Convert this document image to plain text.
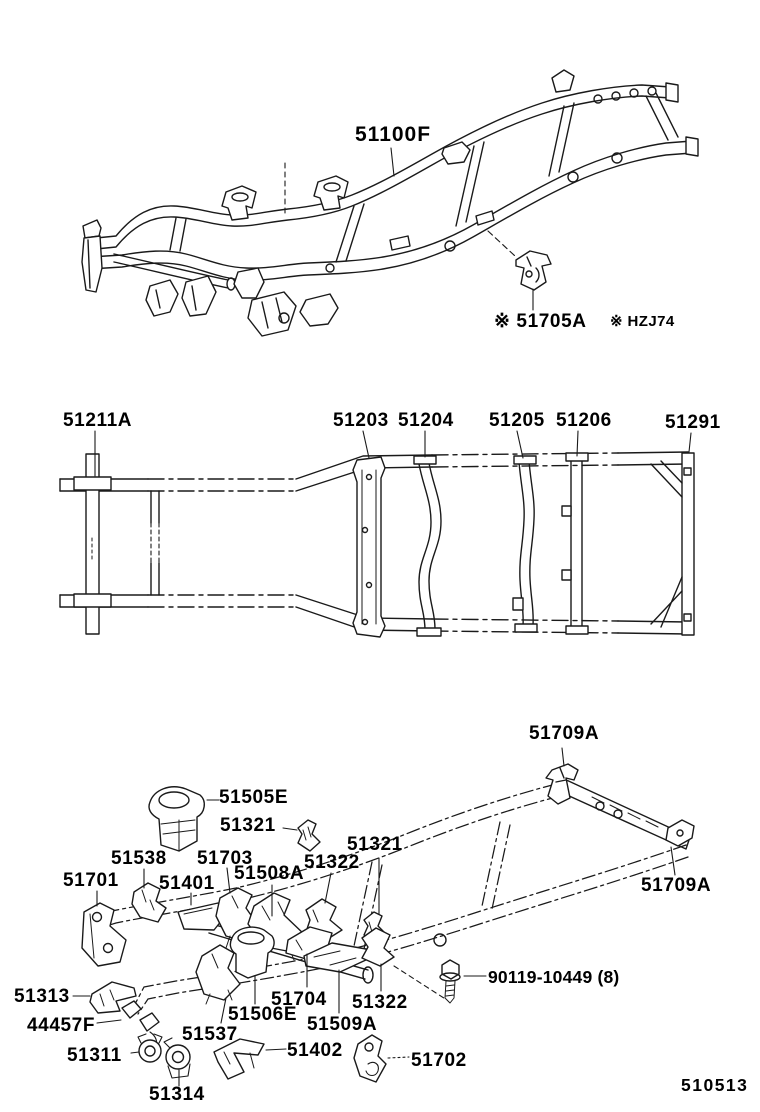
51100F
※ 51705A ※ HZJ74
51211A	51203 51204 51205 51206	51291
51709A
51505E
51321
51321
51538 51703
51508A
51322
51701 51401	51709A
51313
90119-10449 (8)
51704 51322
51506E
44457F	51509A
51537
51311	51402	51702
51314	510513
